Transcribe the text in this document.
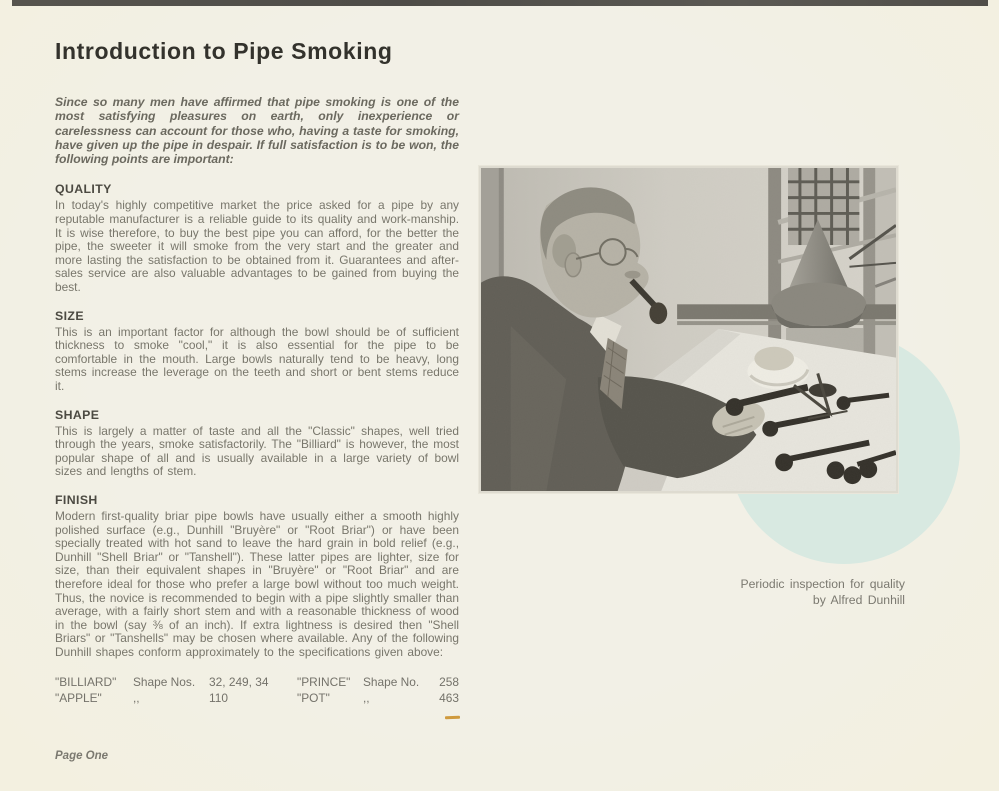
Periodic inspection for quality
by Alfred Dunhill
Introduction to Pipe Smoking

Since so many men have affirmed that pipe smoking is one of the most satisfying pleasures on earth, only inexperience or carelessness can account for those who, having a taste for smoking, have given up the pipe in despair. If full satisfaction is to be won, the following points are important:

QUALITY

In today's highly competitive market the price asked for a pipe by any reputable manufacturer is a reliable guide to its quality and work-manship. It is wise therefore, to buy the best pipe you can afford, for the better the pipe, the sweeter it will smoke from the very start and the greater and more lasting the satisfaction to be obtained from it. Guarantees and after-sales service are also valuable advantages to be gained from buying the best.

SIZE

This is an important factor for although the bowl should be of sufficient thickness to smoke "cool," it is also essential for the pipe to be comfortable in the mouth. Large bowls naturally tend to be heavy, long stems increase the leverage on the teeth and short or bent stems reduce it.

SHAPE

This is largely a matter of taste and all the "Classic" shapes, well tried through the years, smoke satisfactorily. The "Billiard" is however, the most popular shape of all and is usually available in a large variety of bowl sizes and lengths of stem.

FINISH

Modern first-quality briar pipe bowls have usually either a smooth highly polished surface (e.g., Dunhill "Bruyère" or "Root Briar") or have been specially treated with hot sand to leave the hard grain in bold relief (e.g., Dunhill "Shell Briar" or "Tanshell"). These latter pipes are lighter, size for size, than their equivalent shapes in "Bruyère" or "Root Briar" and are therefore ideal for those who prefer a large bowl without too much weight. Thus, the novice is recommended to begin with a pipe slightly smaller than average, with a fairly short stem and with a reasonable thickness of wood in the bowl (say ⅜ of an inch). If extra lightness is desired then "Shell Briars" or "Tanshells" may be chosen where available. Any of the following Dunhill shapes conform approximately to the specifications given above:

"BILLIARD"	Shape Nos.	32, 249, 34	"PRINCE"	Shape No.	258
"APPLE"	,,	110	"POT"	,,	463
Page One
